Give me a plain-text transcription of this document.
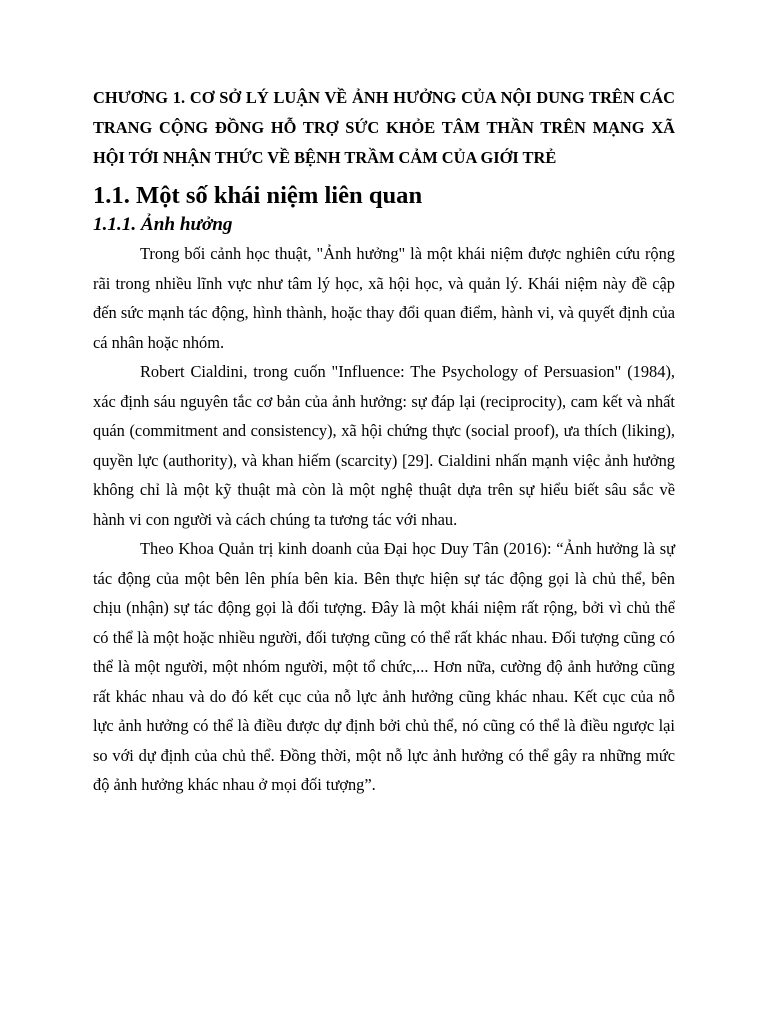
CHƯƠNG 1. CƠ SỞ LÝ LUẬN VỀ ẢNH HƯỞNG CỦA NỘI DUNG TRÊN CÁC TRANG CỘNG ĐỒNG HỖ TRỢ SỨC KHỎE TÂM THẦN TRÊN MẠNG XÃ HỘI TỚI NHẬN THỨC VỀ BỆNH TRẦM CẢM CỦA GIỚI TRẺ
1.1. Một số khái niệm liên quan
1.1.1. Ảnh hưởng

Trong bối cảnh học thuật, "Ảnh hưởng" là một khái niệm được nghiên cứu rộng rãi trong nhiều lĩnh vực như tâm lý học, xã hội học, và quản lý. Khái niệm này đề cập đến sức mạnh tác động, hình thành, hoặc thay đổi quan điểm, hành vi, và quyết định của cá nhân hoặc nhóm.

Robert Cialdini, trong cuốn "Influence: The Psychology of Persuasion" (1984), xác định sáu nguyên tắc cơ bản của ảnh hưởng: sự đáp lại (reciprocity), cam kết và nhất quán (commitment and consistency), xã hội chứng thực (social proof), ưa thích (liking), quyền lực (authority), và khan hiếm (scarcity) [29]. Cialdini nhấn mạnh việc ảnh hưởng không chỉ là một kỹ thuật mà còn là một nghệ thuật dựa trên sự hiểu biết sâu sắc về hành vi con người và cách chúng ta tương tác với nhau.

Theo Khoa Quản trị kinh doanh của Đại học Duy Tân (2016): “Ảnh hưởng là sự tác động của một bên lên phía bên kia. Bên thực hiện sự tác động gọi là chủ thể, bên chịu (nhận) sự tác động gọi là đối tượng. Đây là một khái niệm rất rộng, bởi vì chủ thể có thể là một hoặc nhiều người, đối tượng cũng có thể rất khác nhau. Đối tượng cũng có thể là một người, một nhóm người, một tổ chức,... Hơn nữa, cường độ ảnh hưởng cũng rất khác nhau và do đó kết cục của nỗ lực ảnh hưởng cũng khác nhau. Kết cục của nỗ lực ảnh hưởng có thể là điều được dự định bởi chủ thể, nó cũng có thể là điều ngược lại so với dự định của chủ thể. Đồng thời, một nỗ lực ảnh hưởng có thể gây ra những mức độ ảnh hưởng khác nhau ở mọi đối tượng”.
